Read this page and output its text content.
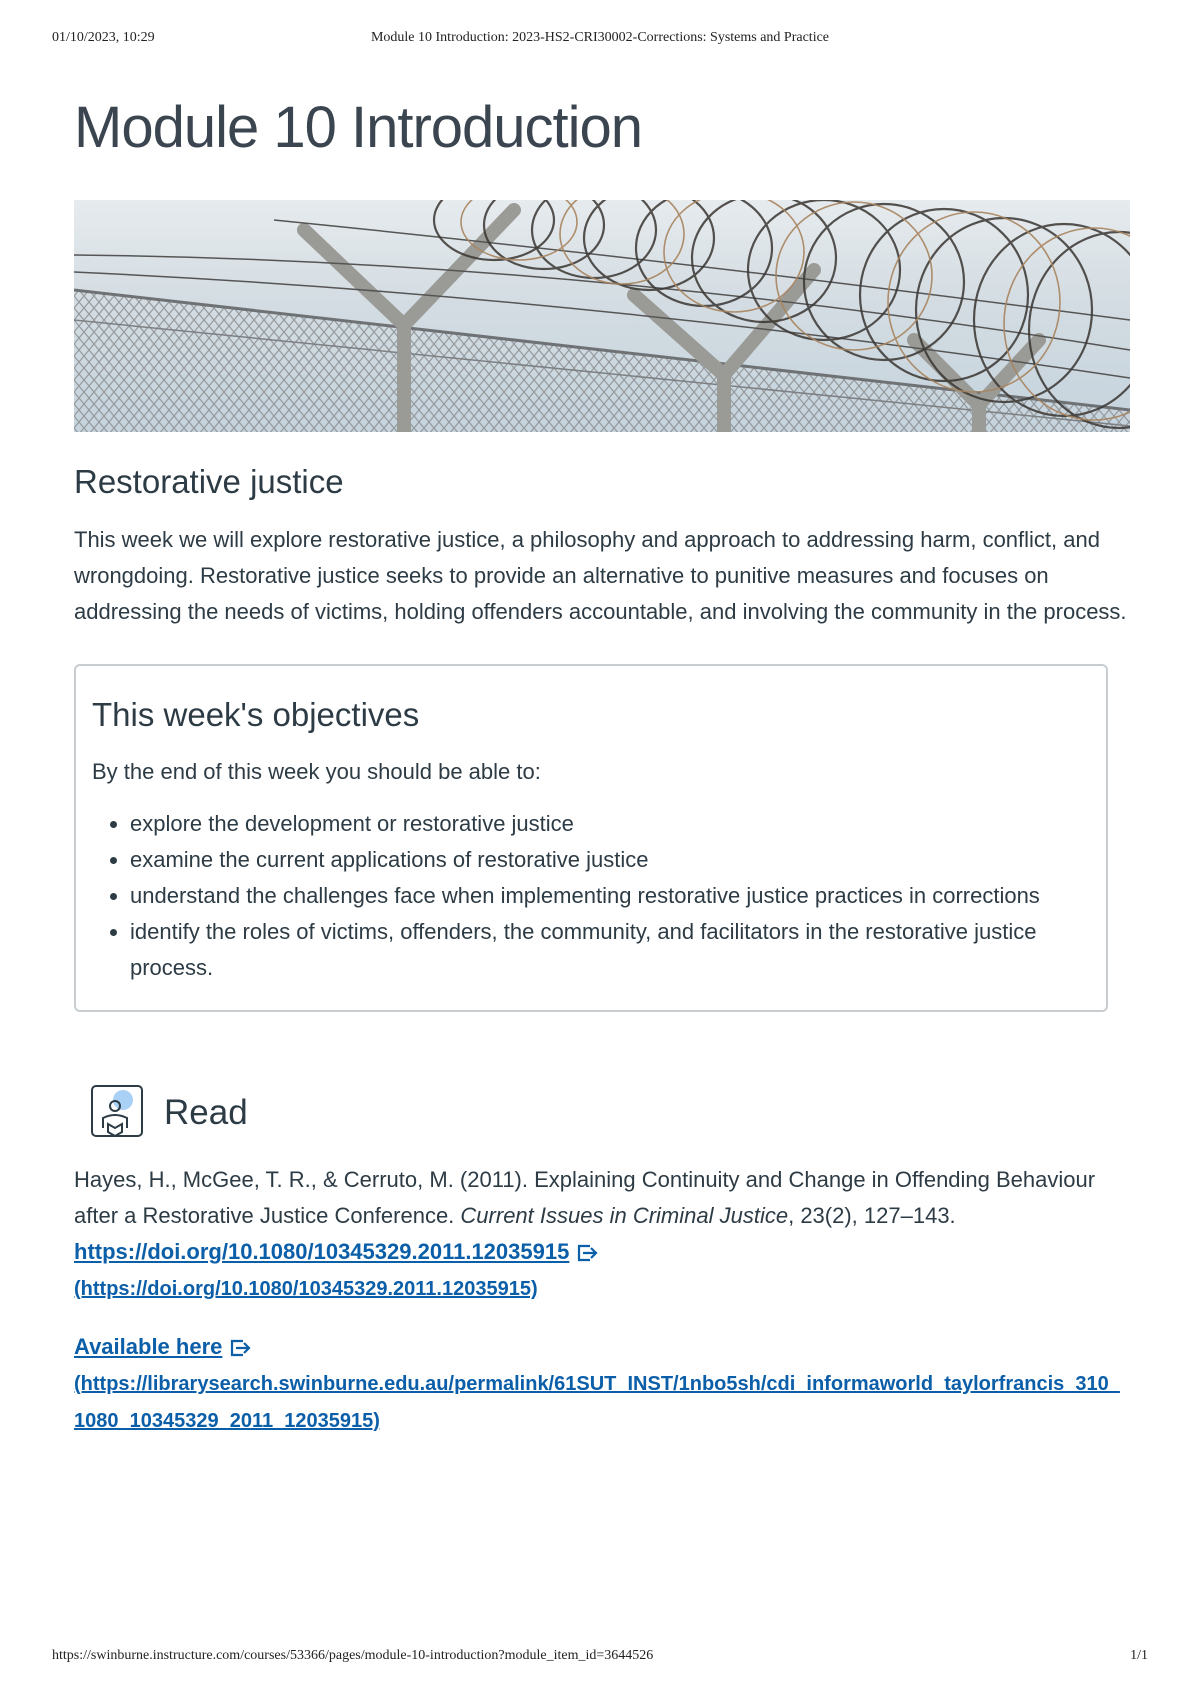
01/10/2023, 10:29	Module 10 Introduction: 2023-HS2-CRI30002-Corrections: Systems and Practice
Module 10 Introduction
Restorative justice

This week we will explore restorative justice, a philosophy and approach to addressing harm, conflict, and wrongdoing. Restorative justice seeks to provide an alternative to punitive measures and focuses on addressing the needs of victims, holding offenders accountable, and involving the community in the process.

This week's objectives

By the end of this week you should be able to:

• explore the development or restorative justice
• examine the current applications of restorative justice
• understand the challenges face when implementing restorative justice practices in corrections
• identify the roles of victims, offenders, the community, and facilitators in the restorative justice process.
Read

Hayes, H., McGee, T. R., & Cerruto, M. (2011). Explaining Continuity and Change in Offending Behaviour after a Restorative Justice Conference. Current Issues in Criminal Justice, 23(2), 127–143. https://doi.org/10.1080/10345329.2011.12035915
(https://doi.org/10.1080/10345329.2011.12035915)

Available here
(https://librarysearch.swinburne.edu.au/permalink/61SUT_INST/1nbo5sh/cdi_informaworld_taylorfrancis_310_1080_10345329_2011_12035915)

https://swinburne.instructure.com/courses/53366/pages/module-10-introduction?module_item_id=3644526	1/1
